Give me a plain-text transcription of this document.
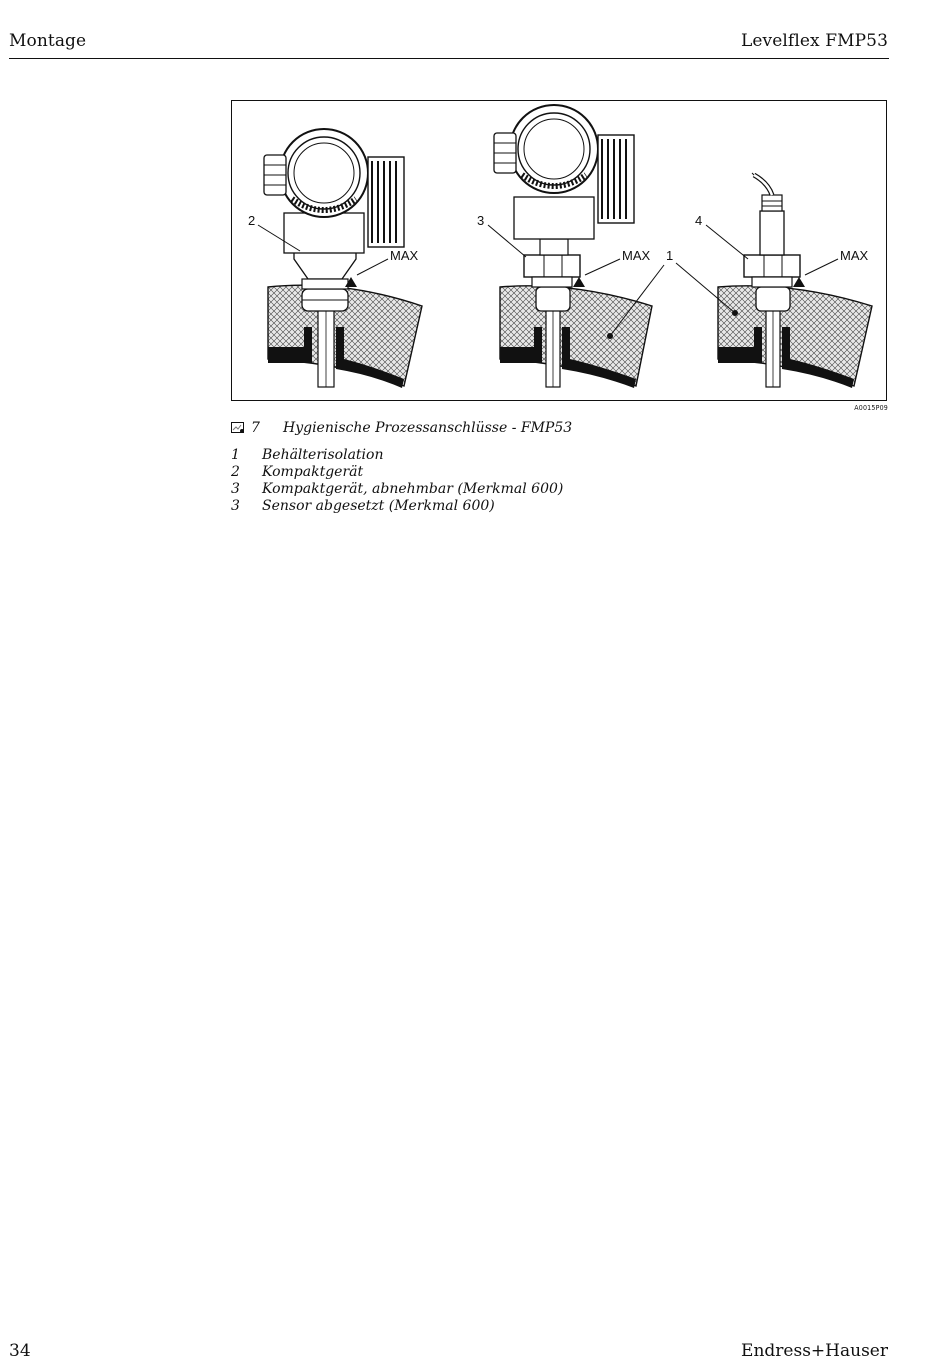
Montage	Levelflex FMP53
MAX
2
MAX
3
1	MAX
4
A0015P09
7 Hygienische Prozessanschlüsse - FMP53
1 Behälterisolation
2 Kompaktgerät
3 Kompaktgerät, abnehmbar (Merkmal 600)
3 Sensor abgesetzt (Merkmal 600)
34	Endress+Hauser
